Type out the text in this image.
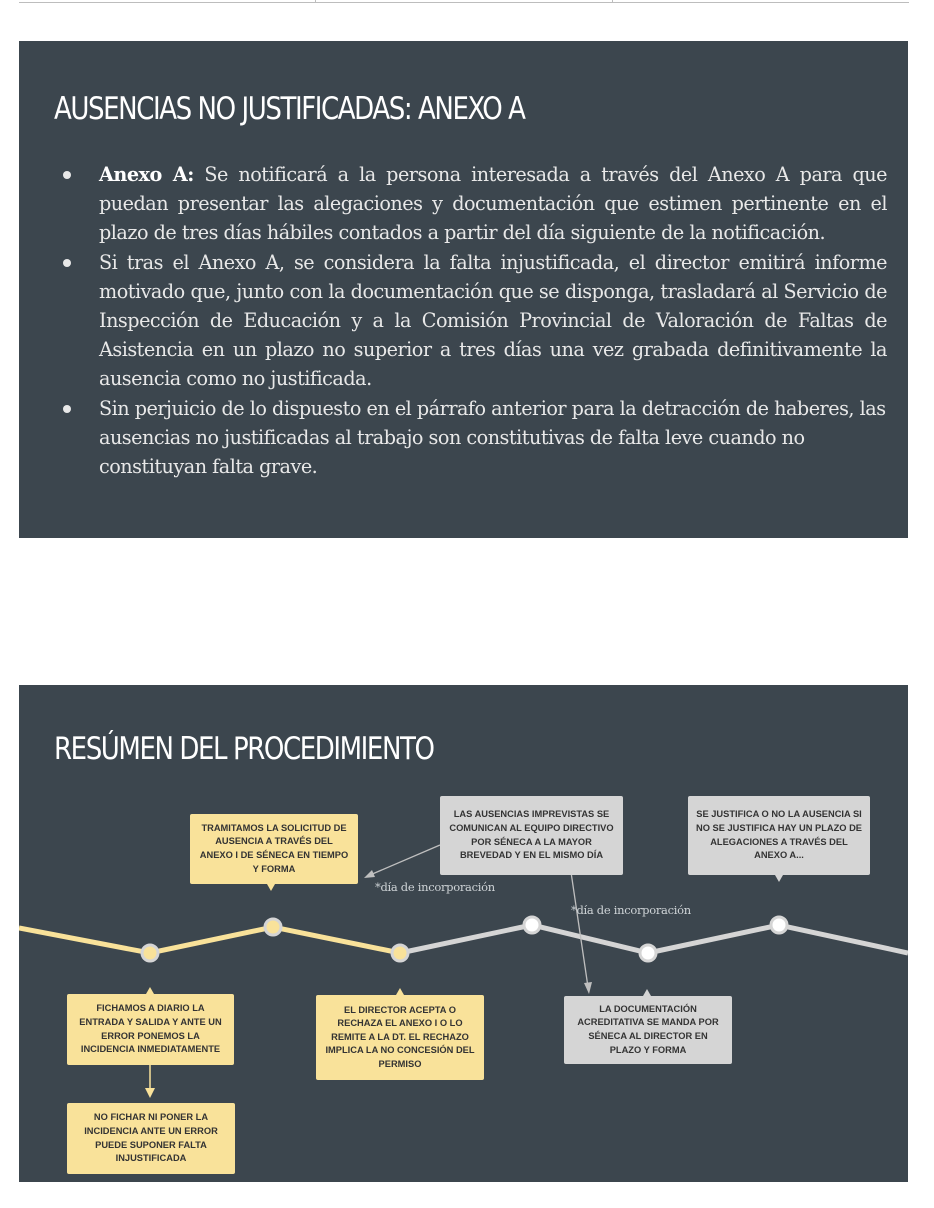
AUSENCIAS NO JUSTIFICADAS: ANEXO A
Anexo A: Se notificará a la persona interesada a través del Anexo A para que puedan presentar las alegaciones y documentación que estimen pertinente en el plazo de tres días hábiles contados a partir del día siguiente de la notificación.
Si tras el Anexo A, se considera la falta injustificada, el director emitirá informe motivado que, junto con la documentación que se disponga, trasladará al Servicio de Inspección de Educación y a la Comisión Provincial de Valoración de Faltas de Asistencia en un plazo no superior a tres días una vez grabada definitivamente la ausencia como no justificada.
Sin perjuicio de lo dispuesto en el párrafo anterior para la detracción de haberes, las ausencias no justificadas al trabajo son constitutivas de falta leve cuando no constituyan falta grave.
RESÚMEN DEL PROCEDIMIENTO
TRAMITAMOS LA SOLICITUD DE AUSENCIA A TRAVÉS DEL ANEXO I DE SÉNECA EN TIEMPO Y FORMA
LAS AUSENCIAS IMPREVISTAS SE COMUNICAN AL EQUIPO DIRECTIVO POR SÉNECA A LA MAYOR BREVEDAD Y EN EL MISMO DÍA
SE JUSTIFICA O NO LA AUSENCIA SI NO SE JUSTIFICA HAY UN PLAZO DE ALEGACIONES A TRAVÉS DEL ANEXO A...
FICHAMOS A DIARIO LA ENTRADA Y SALIDA Y ANTE UN ERROR PONEMOS LA INCIDENCIA INMEDIATAMENTE
EL DIRECTOR ACEPTA O RECHAZA EL ANEXO I O LO REMITE A LA DT. EL RECHAZO IMPLICA LA NO CONCESIÓN DEL PERMISO
LA DOCUMENTACIÓN ACREDITATIVA SE MANDA POR SÉNECA AL DIRECTOR EN PLAZO Y FORMA
NO FICHAR NI PONER LA INCIDENCIA ANTE UN ERROR PUEDE SUPONER FALTA INJUSTIFICADA
*día de incorporación
*día de incorporación
